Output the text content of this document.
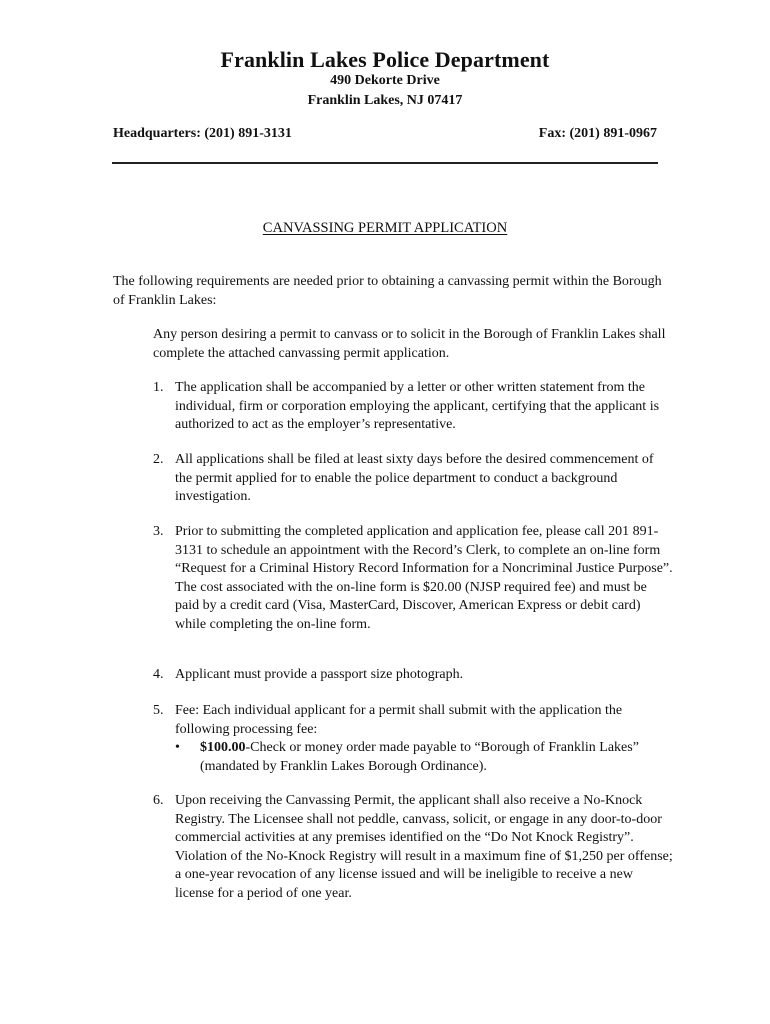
Franklin Lakes Police Department
490 Dekorte Drive
Franklin Lakes, NJ 07417
Headquarters: (201) 891-3131	Fax: (201) 891-0967
CANVASSING PERMIT APPLICATION
The following requirements are needed prior to obtaining a canvassing permit within the Borough of Franklin Lakes:
Any person desiring a permit to canvass or to solicit in the Borough of Franklin Lakes shall complete the attached canvassing permit application.
1. The application shall be accompanied by a letter or other written statement from the individual, firm or corporation employing the applicant, certifying that the applicant is authorized to act as the employer’s representative.
2. All applications shall be filed at least sixty days before the desired commencement of the permit applied for to enable the police department to conduct a background investigation.
3. Prior to submitting the completed application and application fee, please call 201 891-3131 to schedule an appointment with the Record’s Clerk, to complete an on-line form “Request for a Criminal History Record Information for a Noncriminal Justice Purpose”. The cost associated with the on-line form is $20.00 (NJSP required fee) and must be paid by a credit card (Visa, MasterCard, Discover, American Express or debit card) while completing the on-line form.
4. Applicant must provide a passport size photograph.
5. Fee: Each individual applicant for a permit shall submit with the application the following processing fee:
• $100.00-Check or money order made payable to “Borough of Franklin Lakes” (mandated by Franklin Lakes Borough Ordinance).
6. Upon receiving the Canvassing Permit, the applicant shall also receive a No-Knock Registry. The Licensee shall not peddle, canvass, solicit, or engage in any door-to-door commercial activities at any premises identified on the “Do Not Knock Registry”. Violation of the No-Knock Registry will result in a maximum fine of $1,250 per offense; a one-year revocation of any license issued and will be ineligible to receive a new license for a period of one year.
